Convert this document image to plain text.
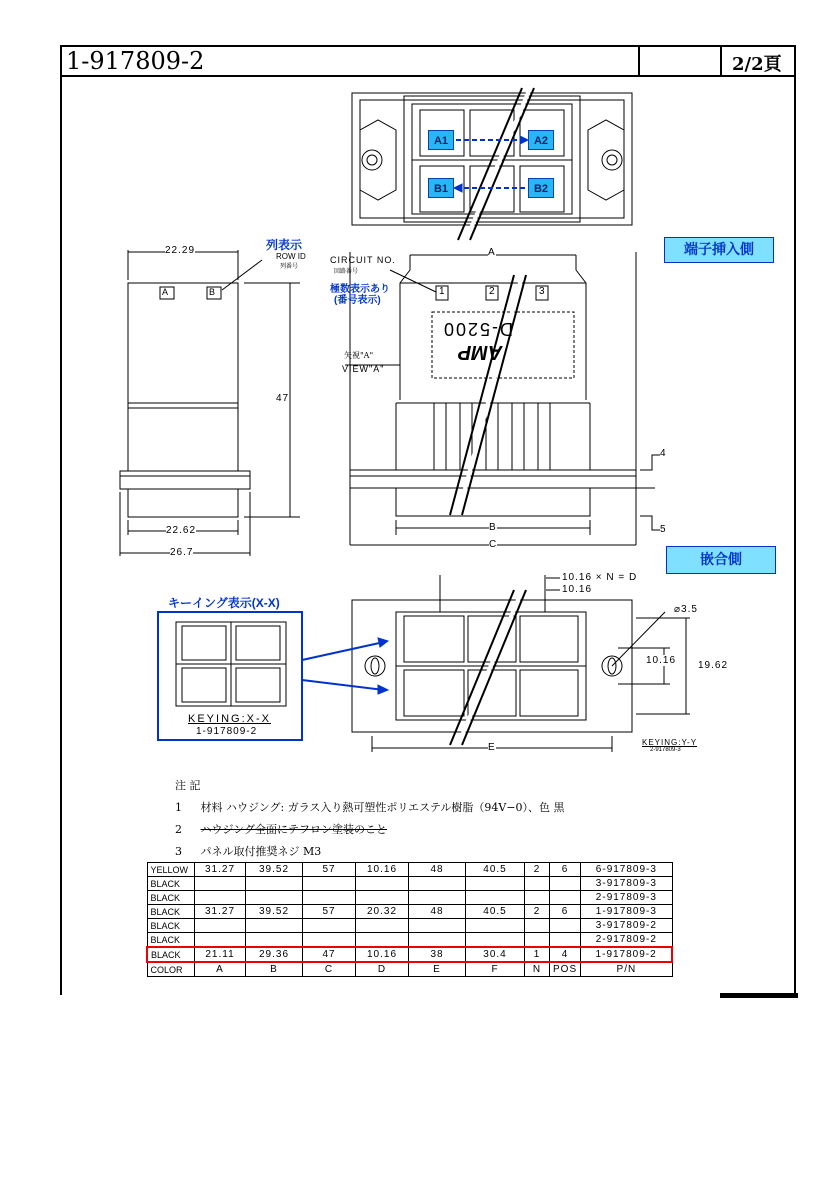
1-917809-2	2/2頁
A1	A2
B1	B2
端子挿入側
嵌合側
列表示
ROW ID
列番号
A	B
22.29
47
22.62
26.7
CIRCUIT NO.
回路番号
極数表示あり
(番号表示)
1	2	3
D-5200
AMP
矢視"A"
VIEW"A"
A
B
C
4
5
キーイング表示(X-X)
KEYING:X-X
1-917809-2
10.16 × N = D
10.16
⌀3.5
10.16 19.62
E	KEYING:Y-Y
2-917809-3
注 記
1 材料 ハウジング: ガラス入り熱可塑性ポリエステル樹脂（94V−0）、色 黒
2 ハウジング全面にテフロン塗装のこと
3 パネル取付推奨ネジ M3
YELLOW	31.27	39.52	57	10.16	48	40.5	2	6	6-917809-3
BLACK									3-917809-3
BLACK									2-917809-3
BLACK	31.27	39.52	57	20.32	48	40.5	2	6	1-917809-3
BLACK									3-917809-2
BLACK									2-917809-2
BLACK	21.11	29.36	47	10.16	38	30.4	1	4	1-917809-2
COLOR	A	B	C	D	E	F	N	POS	P/N
